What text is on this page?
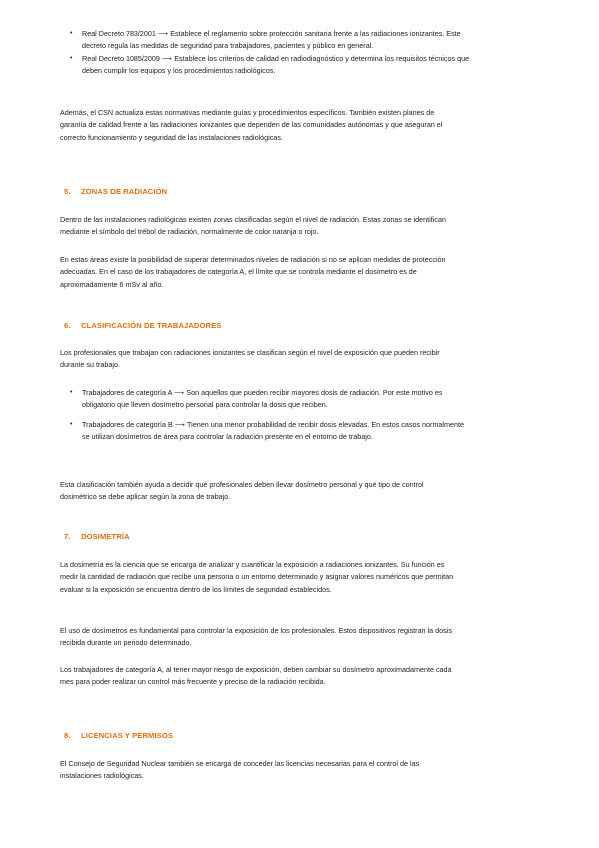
• Real Decreto 783/2001 ⟶ Establece el reglamento sobre protección sanitaria frente a las radiaciones ionizantes. Este decreto regula las medidas de seguridad para trabajadores, pacientes y público en general.
• Real Decreto 1085/2009 ⟶ Establece los criterios de calidad en radiodiagnóstico y determina los requisitos técnicos que deben cumplir los equipos y los procedimientos radiológicos.

Además, el CSN actualiza estas normativas mediante guías y procedimientos específicos. También existen planes de garantía de calidad frente a las radiaciones ionizantes que dependen de las comunidades autónomas y que aseguran el correcto funcionamiento y seguridad de las instalaciones radiológicas.

5. ZONAS DE RADIACIÓN

Dentro de las instalaciones radiológicas existen zonas clasificadas según el nivel de radiación. Estas zonas se identifican mediante el símbolo del trébol de radiación, normalmente de color naranja o rojo.

En estas áreas existe la posibilidad de superar determinados niveles de radiación si no se aplican medidas de protección adecuadas. En el caso de los trabajadores de categoría A, el límite que se controla mediante el dosímetro es de aproximadamente 6 mSv al año.

6. CLASIFICACIÓN DE TRABAJADORES

Los profesionales que trabajan con radiaciones ionizantes se clasifican según el nivel de exposición que pueden recibir durante su trabajo.

• Trabajadores de categoría A ⟶ Son aquellos que pueden recibir mayores dosis de radiación. Por este motivo es obligatorio que lleven dosímetro personal para controlar la dosis que reciben.
• Trabajadores de categoría B ⟶ Tienen una menor probabilidad de recibir dosis elevadas. En estos casos normalmente se utilizan dosímetros de área para controlar la radiación presente en el entorno de trabajo.

Esta clasificación también ayuda a decidir qué profesionales deben llevar dosímetro personal y qué tipo de control dosimétrico se debe aplicar según la zona de trabajo.

7. DOSIMETRÍA

La dosimetría es la ciencia que se encarga de analizar y cuantificar la exposición a radiaciones ionizantes. Su función es medir la cantidad de radiación que recibe una persona o un entorno determinado y asignar valores numéricos que permitan evaluar si la exposición se encuentra dentro de los límites de seguridad establecidos.

El uso de dosímetros es fundamental para controlar la exposición de los profesionales. Estos dispositivos registran la dosis recibida durante un periodo determinado.

Los trabajadores de categoría A, al tener mayor riesgo de exposición, deben cambiar su dosímetro aproximadamente cada mes para poder realizar un control más frecuente y preciso de la radiación recibida.

8. LICENCIAS Y PERMISOS

El Consejo de Seguridad Nuclear también se encarga de conceder las licencias necesarias para el control de las instalaciones radiológicas.
